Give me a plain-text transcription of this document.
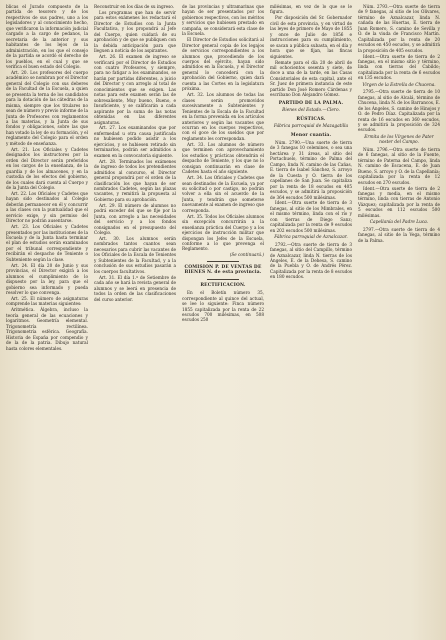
blicas el Jurado compuesto de la partida de tesorero y de los respectivos de sus padres, uno a los legisladores y al conocimiento hecho, que verificaron la información judicial cargado a la cargo de pedanos, la secretaria de la anterior y sus habitantes de los lejos de la administración, en los que el consejo de la partida se acordó el derecho de los pueblos, en el cual y que se verifica el buen estado del Colegio.

Art. 20. Los profesores del cuerpo académico se nombran por el Director general del Colegio con sus deberes de la Facultad de la Escuela, a quien se presenta la terna de los candidatos para la dotación de las cátedras de la misma, siempre que los titulares no sean de número y previo informe de la Junta de Profesores con reglamentos a las materias, y la Junta de sus fondos y obligaciones, sobre las que han votado la ley de su formación, y el reglamento del Colegio para el orden y método de enseñanza.

Art. 21. Los Oficiales y Cadetes designados los instructores por la orden del Director serán preferidos en los cargos de la enseñanza, de la guardia y de los almacenes, y en la custodia de los efectos del gobierno, de los cuales dará cuenta al Cuerpo y de la Junta del Colegio.

Art. 22. Los Oficiales y Cadetes que hayan sido destinados al Colegio deberán permanecer en él y concurrir a las clases con la puntualidad que el servicio exige, y sin permiso del Director no podrán ausentarse.

Art. 23. Los Oficiales y Cadetes presentados por las instituciones de la Escuela y de la Junta hasta terminar el plan de estudios serán examinados por el tribunal correspondiente y recibirán el despacho de Teniente o Subteniente según la clase.

Art. 24. El día 20 de Junio y sus provincias, el Director exigirá a los alumnos el cumplimiento de lo dispuesto por la ley, para que el gobierno sea informado y pueda resolver lo que convenga.

Art. 25. El número de asignaturas comprende las materias siguientes:

Aritmética. Álgebra, incluso la teoría general de las ecuaciones y logaritmos. Geometría elemental. Trigonometría rectilínea. Trigonometría esférica. Geografía. Historia de España por compendio y de la de la patria. Dibujo natural hasta colores elementales.

Reconstruir en los días de su ingreso.

Los programas que han de servir para estos exámenes los redactará el Director de Estudios con la Junta Facultativa, y los propondrá al Jefe del Cuerpo, quien cuidará de su aprobación y de que se publiquen con la debida anticipación para que lleguen a noticia de los aspirantes.

Art. 26. El examen de ingreso se verificará por el Director de Estudios con cuatro Profesores, y siempre, para no fatigar a los examinandos, se harán por partidas diferentes, a juicio del Director y con arreglo al total de conocimientos que se exigen. Las notas para este examen serán las de sobresaliente, Muy bueno, Bueno, e Insuficiente, y se calificarán a cada aspirante por la suma de las notas obtenidas en las diferentes asignaturas.

Art. 27. Los examinandos que por enfermedad u otra causa justificada no hubiesen podido asistir a los ejercicios, y se hubiesen retirado sin terminarlos, podrán ser admitidos a examen en la convocatoria siguiente.

Art. 28. Terminados los exámenes de ingreso de todos los pretendientes admitidos al concurso, el Director general propondrá por el orden de la clasificación los que hayan de ser nombrados Cadetes, según las plazas vacantes, y remitirá la propuesta al Gobierno para su aprobación.

Art. 29. El número de alumnos no podrá exceder del que se fije por la Junta, con arreglo a las necesidades del servicio y a los fondos consignados en el presupuesto del Colegio.

Art. 30. Los alumnos serán nombrados tantos cuantos sean necesarios para cubrir las vacantes de los Oficiales de la Escala de Tenientes y Subtenientes de la Facultad, y a la conclusión de sus estudios pasarán a los cuerpos facultativos.

Art. 31. El día 1.º de Setiembre de cada año se hará la revista general de alumnos y se leerá en presencia de todos la orden de las clasificaciones del curso anterior.

de las provincias y ultramarinas que hayan de ser presentados por los gobiernos respectivos, con los méritos y servicios que hubiesen prestado en campaña, se considerará esta clase de la Escuela.

El Director de Estudios solicitará al Director general copia de los legajos de servicios correspondientes a los alumnos que, procediendo de los cuerpos del ejército, hayan sido admitidos en la Escuela, y el Director general lo concederá con la aprobación del Gobierno, quien dará cuenta a las Cortes en la legislatura próxima.

Art. 32. Los alumnos de todas las clases serán promovidos sucesivamente a Subtenientes y Tenientes de la Escala de la Facultad en la forma prevenida en los artículos anteriores y según las vacantes que ocurran en los cuerpos respectivos, con el goce de los sueldos que por reglamento les correspondan.

Art. 33. Los alumnos de número que terminen con aprovechamiento los estudios y prácticas obtendrán el despacho de Teniente, y los que no lo consigan continuarán en clase de Cadetes hasta el año siguiente.

Art. 34. Los Oficiales y Cadetes que sean destinados de la Escuela, ya por su solicitud o por castigo, no podrán volver a ella sin el acuerdo de la Junta, y tendrán que someterse nuevamente al examen de ingreso que corresponda.

Art. 35. Todos los Oficiales alumnos sin excepción concurrirán a la enseñanza práctica del Cuerpo y a los ejercicios de instrucción militar que dispongan los Jefes de la Escuela, conforme a lo que prevenga el Reglamento.

(Se continuará.)

COMISION P. DE VENTAS DE BIENES N. de esta provincia.
RECTIFICACION.

En el Boletín número 35, correspondiente al quince del actual, se lee lo siguiente: Finca número 1855 capitalizada por la renta de 22 escudos 700 milésimas, en 508 escudos 250

milésimas, en vez de lo que se le figura.

Por disposición del Sr. Gobernador civil de esta provincia, y en virtud de las leyes de primero de Mayo de 1855 y once de Julio de 1856 e instrucciones para su cumplimiento, se sacan a pública subasta, en el día y hora que se fijan, las fincas siguientes.

Remate para el día 20 de abril de mil ochocientos sesenta y siete, de doce a una de la tarde, en las Casas Consistoriales de esta capital, ante el Sr. Juez de primera instancia de este partido Don José Romero Cárdenas y escribano Don Alejandro Gómez.

PARTIDO DE LA PALMA.
Bienes del Estado.—Clero.
RÚSTICAS.
Fábrica parroquial de Mazagatilla
Menor cuantía.

Núm. 2790.—Una suerte de tierra de 3 fanegas 10 celemines, o sea una hectárea y 31 áreas, al sitio del Portachuelo, término de Palma del Campo, linda N. camino de las Cañas, E. tierra de Isabel Sánchez, S. arroyo de la Cuesta y O. tierra de los capellanes de San Juan. Se capitaliza por la renta de 18 escudos en 405 escudos, y se admitirá la proposición de 364 escudos 500 milésimas.

Ident.—Otra suerte de tierra de 3 fanegas, al sitio de los Mimbrales, en el mismo término, linda con el río y con tierras de Diego Sanz; capitalizada por la renta de 9 escudos en 202 escudos 500 milésimas.

Fábrica parroquial de Aznalcazar.

2792.—Otra suerte de tierra de 3 fanegas, al sitio del Campillo, término de Aznalcazar, linda N. tierras de los Ángeles, E. de la Dehesa, S. camino de la Puebla y O. de Andrés Pérez. Capitalizada por la renta de 8 escudos en 180 escudos.

Núm. 2793.—Otra suerte de tierra de 9 fanegas, al sitio de los Olivares, término de Aznalcazar, linda N. cañada de las Huertas, E. tierra de Juan Romero, S. camino de Sevilla y O. de la viuda de Francisco Martín. Capitalizada por la renta de 20 escudos en 450 escudos, y se admitirá la proposición de 405 escudos.

Ident.—Otra suerte de tierra de 2 fanegas, en el mismo sitio y término, linda con tierras del Cabildo; capitalizada por la renta de 6 escudos en 135 escudos.

Virgen de la Estrella de Chucena.

2795.—Otra suerte de tierra de 10 fanegas, al sitio de Alcalá, término de Chucena, linda N. de los Barrancos, E. de los Ángeles, S. camino de Hinojos y O. de Pedro Díaz. Capitalizada por la renta de 16 escudos en 360 escudos, y se admitirá la proposición de 324 escudos.

Ermita de los Vírgenes de Pater noster del Campo.

Núm. 2796.—Otra suerte de tierra de 6 fanegas, al sitio de la Fuente, término de Paterna del Campo, linda N. camino de Escacena, E. de Juan Bueno, S. arroyo y O. de la Capellanía; capitalizada por la renta de 12 escudos en 270 escudos.

Ident.—Otra suerte de tierra de 2 fanegas y media, en el mismo término, linda con tierras de Antonio Vázquez; capitalizada por la renta de 5 escudos en 112 escudos 500 milésimas.

Capellanía del Padre Luca.

2797.—Otra suerte de tierra de 4 fanegas, al sitio de la Vega, término de la Palma.
